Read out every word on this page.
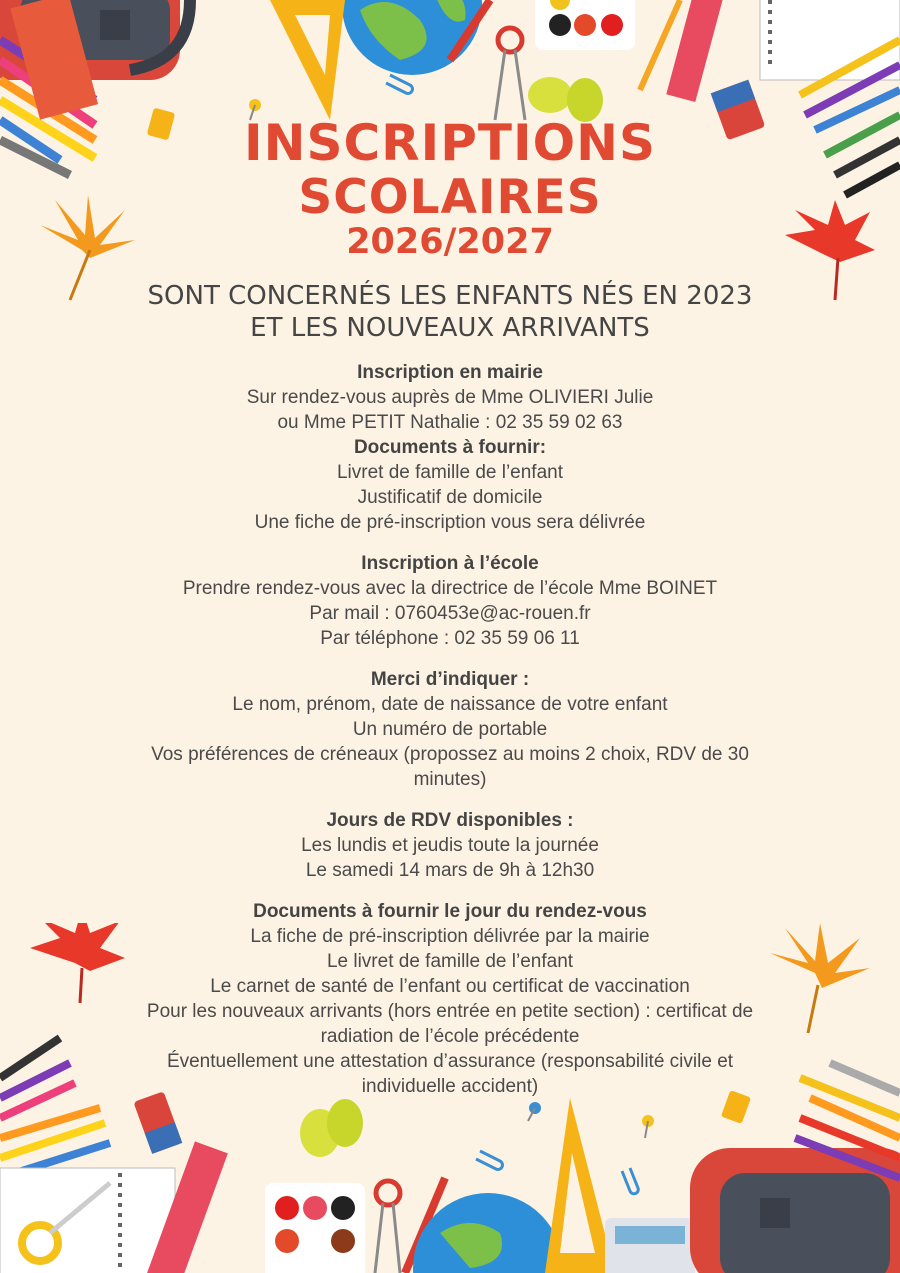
INSCRIPTIONS
SCOLAIRES
2026/2027
SONT CONCERNÉS LES ENFANTS NÉS EN 2023
ET LES NOUVEAUX ARRIVANTS
Inscription en mairie
Sur rendez-vous auprès de Mme OLIVIERI Julie
ou Mme PETIT Nathalie : 02 35 59 02 63
Documents à fournir:
Livret de famille de l’enfant
Justificatif de domicile
Une fiche de pré-inscription vous sera délivrée
Inscription à l’école
Prendre rendez-vous avec la directrice de l’école Mme BOINET
Par mail : 0760453e@ac-rouen.fr
Par téléphone : 02 35 59 06 11
Merci d’indiquer :
Le nom, prénom, date de naissance de votre enfant
Un numéro de portable
Vos préférences de créneaux (propossez au moins 2 choix, RDV de 30
minutes)
Jours de RDV disponibles :
Les lundis et jeudis toute la journée
Le samedi 14 mars de 9h à 12h30
Documents à fournir le jour du rendez-vous
La fiche de pré-inscription délivrée par la mairie
Le livret de famille de l’enfant
Le carnet de santé de l’enfant ou certificat de vaccination
Pour les nouveaux arrivants (hors entrée en petite section) : certificat de
radiation de l’école précédente
Éventuellement une attestation d’assurance (responsabilité civile et
individuelle accident)
